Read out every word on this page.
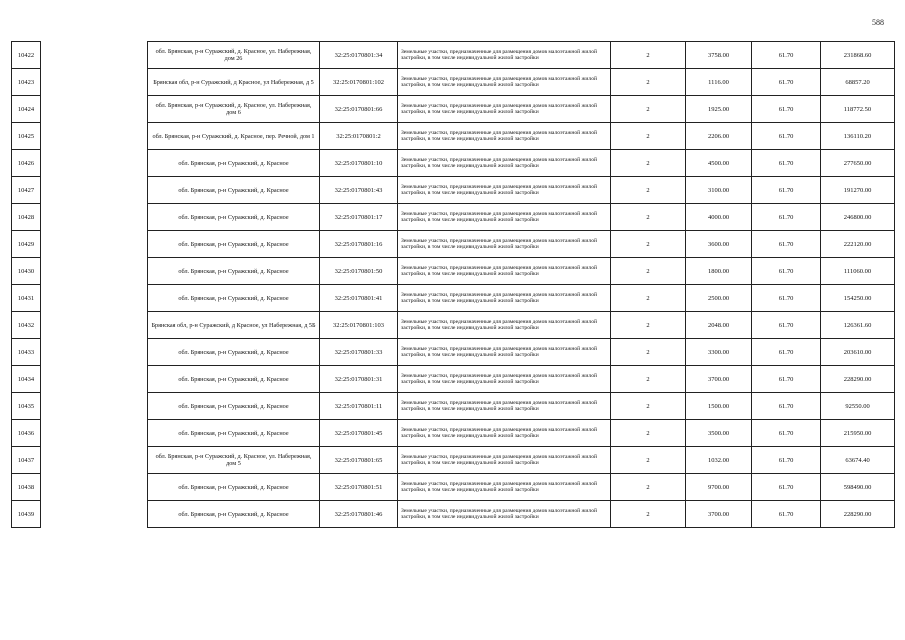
588
10422		обл. Брянская, р-н Суражский, д. Красное, ул. Набережная, дом 26	32:25:0170801:34	Земельные участки, предназначенные для размещения домов малоэтажной жилой застройки, в том числе индивидуальной жилой застройки	2	3758.00	61.70	231868.60
10423		Брянская обл, р-н Суражский, д Красное, ул Набережная, д 5	32:25:0170801:102	Земельные участки, предназначенные для размещения домов малоэтажной жилой застройки, в том числе индивидуальной жилой застройки	2	1116.00	61.70	68857.20
10424		обл. Брянская, р-н Суражский, д. Красное, ул. Набережная, дом 6	32:25:0170801:66	Земельные участки, предназначенные для размещения домов малоэтажной жилой застройки, в том числе индивидуальной жилой застройки	2	1925.00	61.70	118772.50
10425		обл. Брянская, р-н Суражский, д. Красное, пер. Речной, дом 1	32:25:0170801:2	Земельные участки, предназначенные для размещения домов малоэтажной жилой застройки, в том числе индивидуальной жилой застройки	2	2206.00	61.70	136110.20
10426		обл. Брянская, р-н Суражский, д. Красное	32:25:0170801:10	Земельные участки, предназначенные для размещения домов малоэтажной жилой застройки, в том числе индивидуальной жилой застройки	2	4500.00	61.70	277650.00
10427		обл. Брянская, р-н Суражский, д. Красное	32:25:0170801:43	Земельные участки, предназначенные для размещения домов малоэтажной жилой застройки, в том числе индивидуальной жилой застройки	2	3100.00	61.70	191270.00
10428		обл. Брянская, р-н Суражский, д. Красное	32:25:0170801:17	Земельные участки, предназначенные для размещения домов малоэтажной жилой застройки, в том числе индивидуальной жилой застройки	2	4000.00	61.70	246800.00
10429		обл. Брянская, р-н Суражский, д. Красное	32:25:0170801:16	Земельные участки, предназначенные для размещения домов малоэтажной жилой застройки, в том числе индивидуальной жилой застройки	2	3600.00	61.70	222120.00
10430		обл. Брянская, р-н Суражский, д. Красное	32:25:0170801:50	Земельные участки, предназначенные для размещения домов малоэтажной жилой застройки, в том числе индивидуальной жилой застройки	2	1800.00	61.70	111060.00
10431		обл. Брянская, р-н Суражский, д. Красное	32:25:0170801:41	Земельные участки, предназначенные для размещения домов малоэтажной жилой застройки, в том числе индивидуальной жилой застройки	2	2500.00	61.70	154250.00
10432		Брянская обл, р-н Суражский, д Красное, ул Набережная, д 5Б	32:25:0170801:103	Земельные участки, предназначенные для размещения домов малоэтажной жилой застройки, в том числе индивидуальной жилой застройки	2	2048.00	61.70	126361.60
10433		обл. Брянская, р-н Суражский, д. Красное	32:25:0170801:33	Земельные участки, предназначенные для размещения домов малоэтажной жилой застройки, в том числе индивидуальной жилой застройки	2	3300.00	61.70	203610.00
10434		обл. Брянская, р-н Суражский, д. Красное	32:25:0170801:31	Земельные участки, предназначенные для размещения домов малоэтажной жилой застройки, в том числе индивидуальной жилой застройки	2	3700.00	61.70	228290.00
10435		обл. Брянская, р-н Суражский, д. Красное	32:25:0170801:11	Земельные участки, предназначенные для размещения домов малоэтажной жилой застройки, в том числе индивидуальной жилой застройки	2	1500.00	61.70	92550.00
10436		обл. Брянская, р-н Суражский, д. Красное	32:25:0170801:45	Земельные участки, предназначенные для размещения домов малоэтажной жилой застройки, в том числе индивидуальной жилой застройки	2	3500.00	61.70	215950.00
10437		обл. Брянская, р-н Суражский, д. Красное, ул. Набережная, дом 5	32:25:0170801:65	Земельные участки, предназначенные для размещения домов малоэтажной жилой застройки, в том числе индивидуальной жилой застройки	2	1032.00	61.70	63674.40
10438		обл. Брянская, р-н Суражский, д. Красное	32:25:0170801:51	Земельные участки, предназначенные для размещения домов малоэтажной жилой застройки, в том числе индивидуальной жилой застройки	2	9700.00	61.70	598490.00
10439		обл. Брянская, р-н Суражский, д. Красное	32:25:0170801:46	Земельные участки, предназначенные для размещения домов малоэтажной жилой застройки, в том числе индивидуальной жилой застройки	2	3700.00	61.70	228290.00
